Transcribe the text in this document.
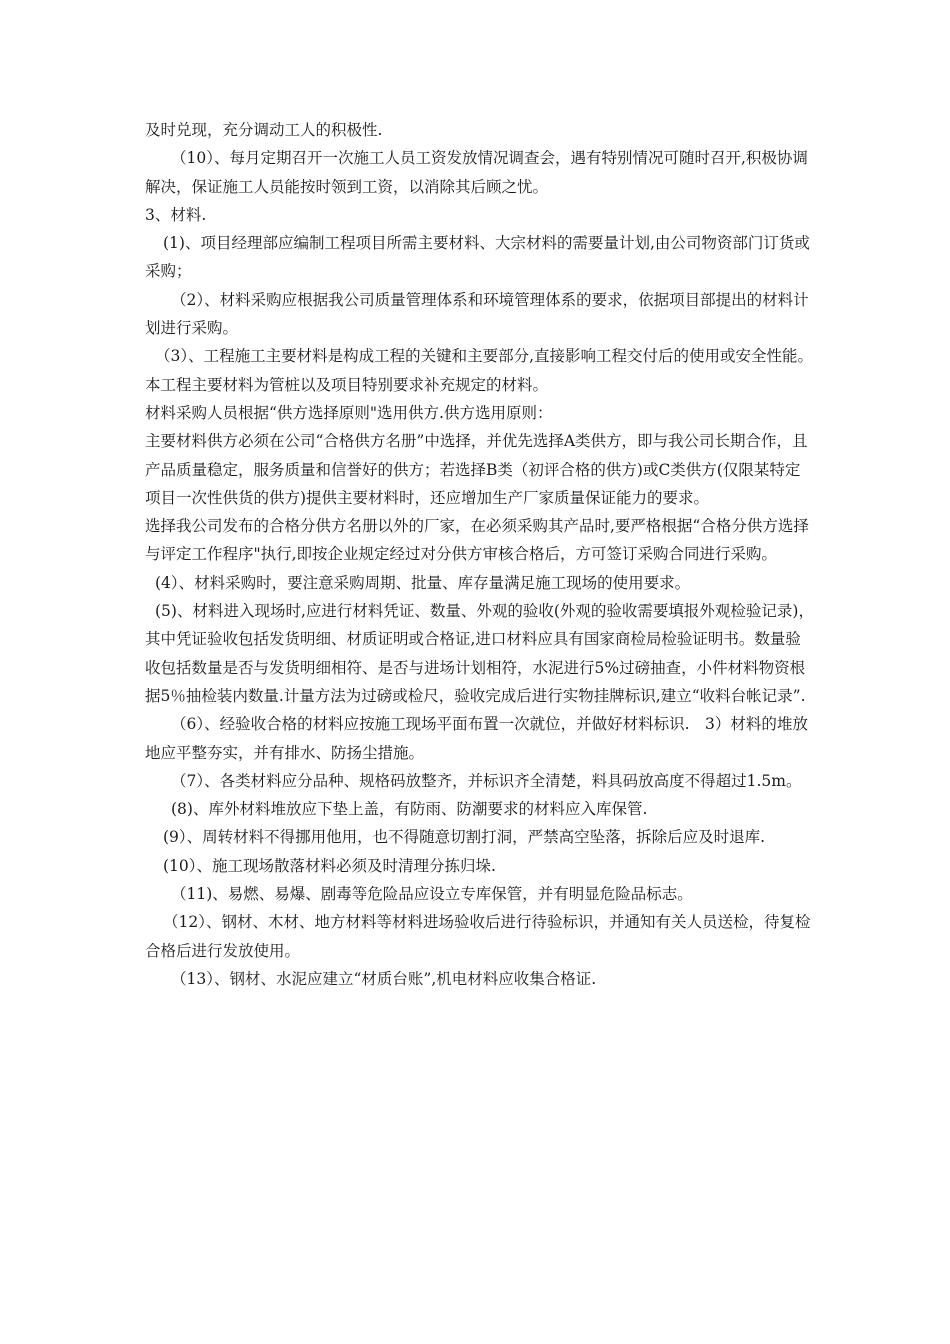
及时兑现，充分调动工人的积极性.

（10）、每月定期召开一次施工人员工资发放情况调查会，遇有特别情况可随时召开,积极协调解决，保证施工人员能按时领到工资，以消除其后顾之忧。

3、材料.

(1)、项目经理部应编制工程项目所需主要材料、大宗材料的需要量计划,由公司物资部门订货或采购；

（2）、材料采购应根据我公司质量管理体系和环境管理体系的要求，依据项目部提出的材料计划进行采购。

（3）、工程施工主要材料是构成工程的关键和主要部分,直接影响工程交付后的使用或安全性能。本工程主要材料为管桩以及项目特别要求补充规定的材料。

材料采购人员根据“供方选择原则"选用供方.供方选用原则：

主要材料供方必须在公司“合格供方名册”中选择，并优先选择A类供方，即与我公司长期合作，且产品质量稳定，服务质量和信誉好的供方；若选择B类（初评合格的供方)或C类供方(仅限某特定项目一次性供货的供方)提供主要材料时，还应增加生产厂家质量保证能力的要求。

选择我公司发布的合格分供方名册以外的厂家，在必须采购其产品时,要严格根据“合格分供方选择与评定工作程序"执行,即按企业规定经过对分供方审核合格后，方可签订采购合同进行采购。

(4）、材料采购时，要注意采购周期、批量、库存量满足施工现场的使用要求。

(5)、材料进入现场时,应进行材料凭证、数量、外观的验收(外观的验收需要填报外观检验记录)，其中凭证验收包括发货明细、材质证明或合格证,进口材料应具有国家商检局检验证明书。数量验收包括数量是否与发货明细相符、是否与进场计划相符，水泥进行5%过磅抽查，小件材料物资根据5％抽检装内数量.计量方法为过磅或检尺，验收完成后进行实物挂牌标识,建立“收料台帐记录”.

（6）、经验收合格的材料应按施工现场平面布置一次就位，并做好材料标识.　3）材料的堆放地应平整夯实，并有排水、防扬尘措施。

（7）、各类材料应分品种、规格码放整齐，并标识齐全清楚，料具码放高度不得超过1.5m。

(8)、库外材料堆放应下垫上盖，有防雨、防潮要求的材料应入库保管.

(9）、周转材料不得挪用他用，也不得随意切割打洞，严禁高空坠落，拆除后应及时退库.

(10）、施工现场散落材料必须及时清理分拣归垛.

（11)、易燃、易爆、剧毒等危险品应设立专库保管，并有明显危险品标志。

（12）、钢材、木材、地方材料等材料进场验收后进行待验标识，并通知有关人员送检，待复检合格后进行发放使用。

（13）、钢材、水泥应建立“材质台账”,机电材料应收集合格证.
